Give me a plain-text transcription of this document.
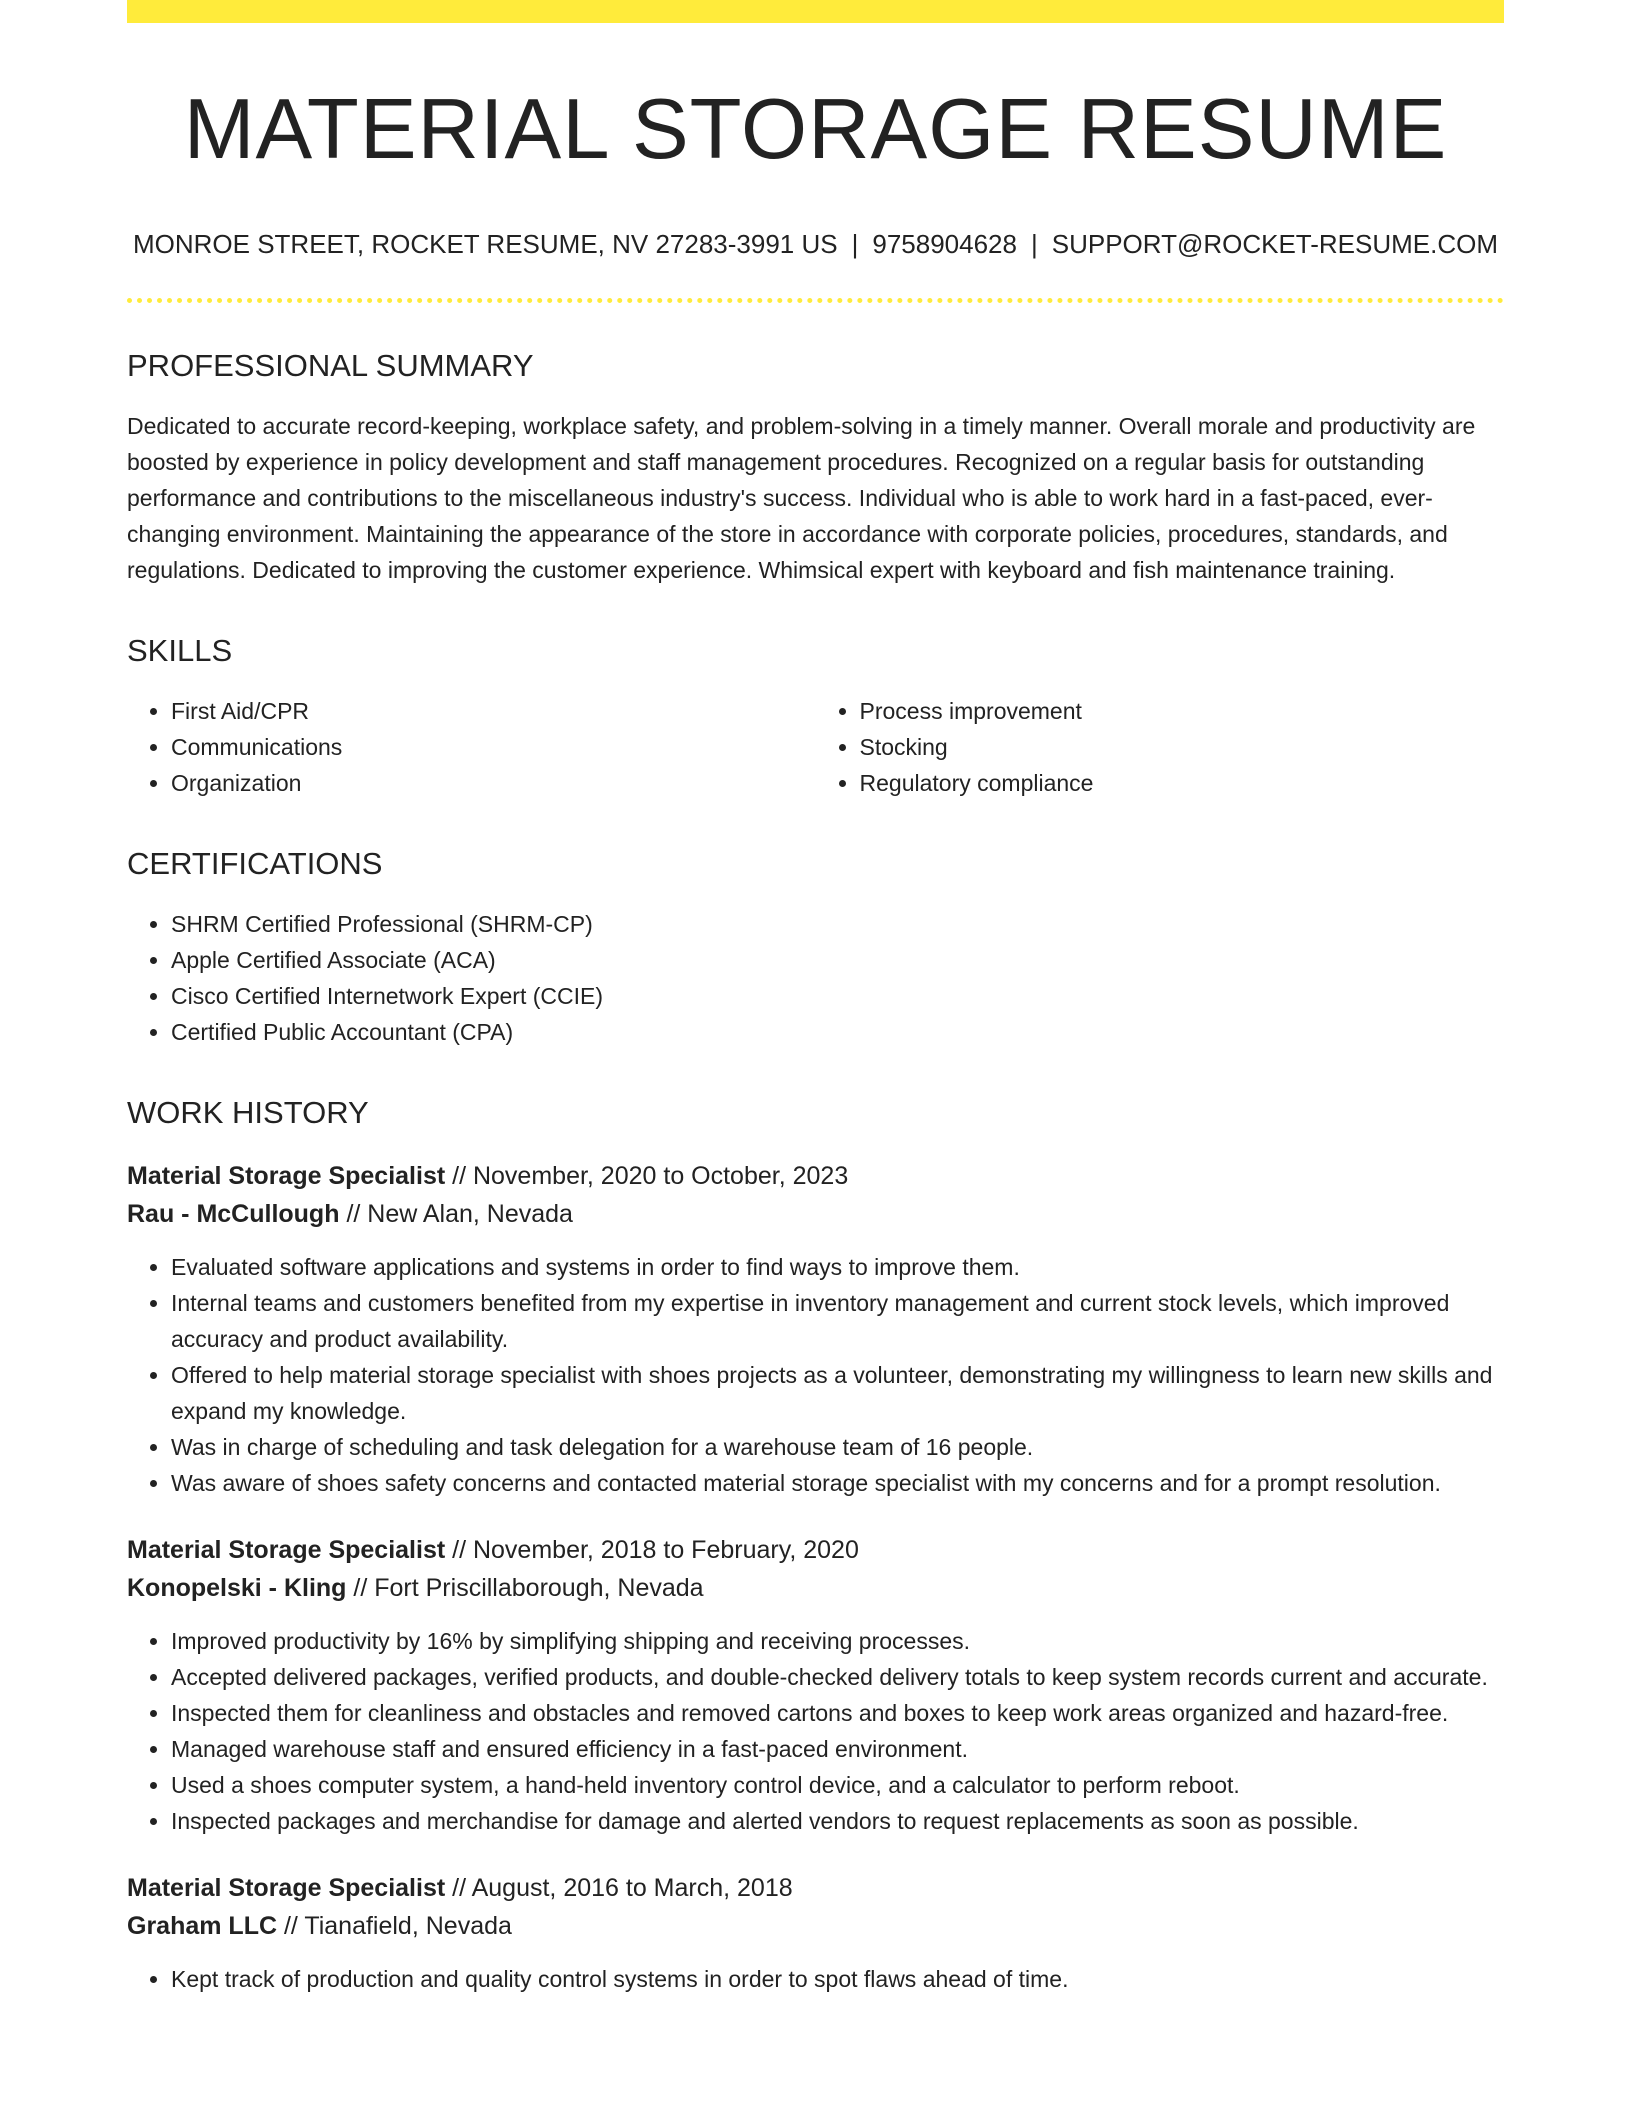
MATERIAL STORAGE RESUME
MONROE STREET, ROCKET RESUME, NV 27283-3991 US | 9758904628 | SUPPORT@ROCKET-RESUME.COM
PROFESSIONAL SUMMARY

Dedicated to accurate record-keeping, workplace safety, and problem-solving in a timely manner. Overall morale and productivity are boosted by experience in policy development and staff management procedures. Recognized on a regular basis for outstanding performance and contributions to the miscellaneous industry's success. Individual who is able to work hard in a fast-paced, ever-changing environment. Maintaining the appearance of the store in accordance with corporate policies, procedures, standards, and regulations. Dedicated to improving the customer experience. Whimsical expert with keyboard and fish maintenance training.

SKILLS
• First Aid/CPR
• Communications
• Organization
• Process improvement
• Stocking
• Regulatory compliance
CERTIFICATIONS
• SHRM Certified Professional (SHRM-CP)
• Apple Certified Associate (ACA)
• Cisco Certified Internetwork Expert (CCIE)
• Certified Public Accountant (CPA)
WORK HISTORY
Material Storage Specialist // November, 2020 to October, 2023
Rau - McCullough // New Alan, Nevada
• Evaluated software applications and systems in order to find ways to improve them.
• Internal teams and customers benefited from my expertise in inventory management and current stock levels, which improved accuracy and product availability.
• Offered to help material storage specialist with shoes projects as a volunteer, demonstrating my willingness to learn new skills and expand my knowledge.
• Was in charge of scheduling and task delegation for a warehouse team of 16 people.
• Was aware of shoes safety concerns and contacted material storage specialist with my concerns and for a prompt resolution.
Material Storage Specialist // November, 2018 to February, 2020
Konopelski - Kling // Fort Priscillaborough, Nevada
• Improved productivity by 16% by simplifying shipping and receiving processes.
• Accepted delivered packages, verified products, and double-checked delivery totals to keep system records current and accurate.
• Inspected them for cleanliness and obstacles and removed cartons and boxes to keep work areas organized and hazard-free.
• Managed warehouse staff and ensured efficiency in a fast-paced environment.
• Used a shoes computer system, a hand-held inventory control device, and a calculator to perform reboot.
• Inspected packages and merchandise for damage and alerted vendors to request replacements as soon as possible.
Material Storage Specialist // August, 2016 to March, 2018
Graham LLC // Tianafield, Nevada
• Kept track of production and quality control systems in order to spot flaws ahead of time.
